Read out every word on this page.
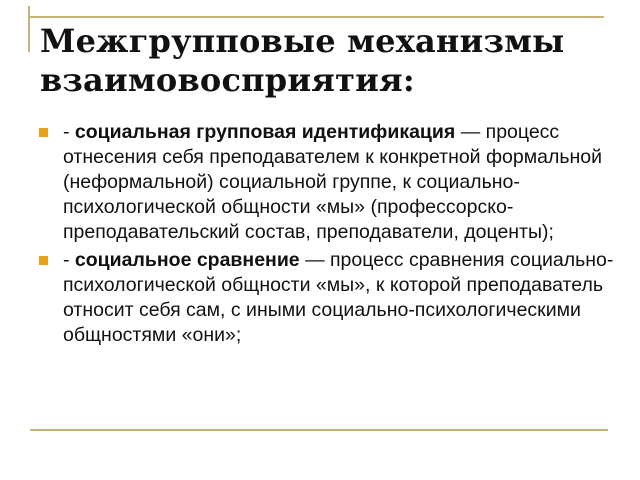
Межгрупповые механизмы взаимовосприятия:
- социальная групповая идентификация — процесс отнесения себя преподавателем к конкретной формальной (неформальной) социальной группе, к социально-психологической общности «мы» (профессорско-преподавательский состав, преподаватели, доценты);
- социальное сравнение — процесс сравнения социально-психологической общности «мы», к которой преподаватель относит себя сам, с иными социально-психологическими общностями «они»;
